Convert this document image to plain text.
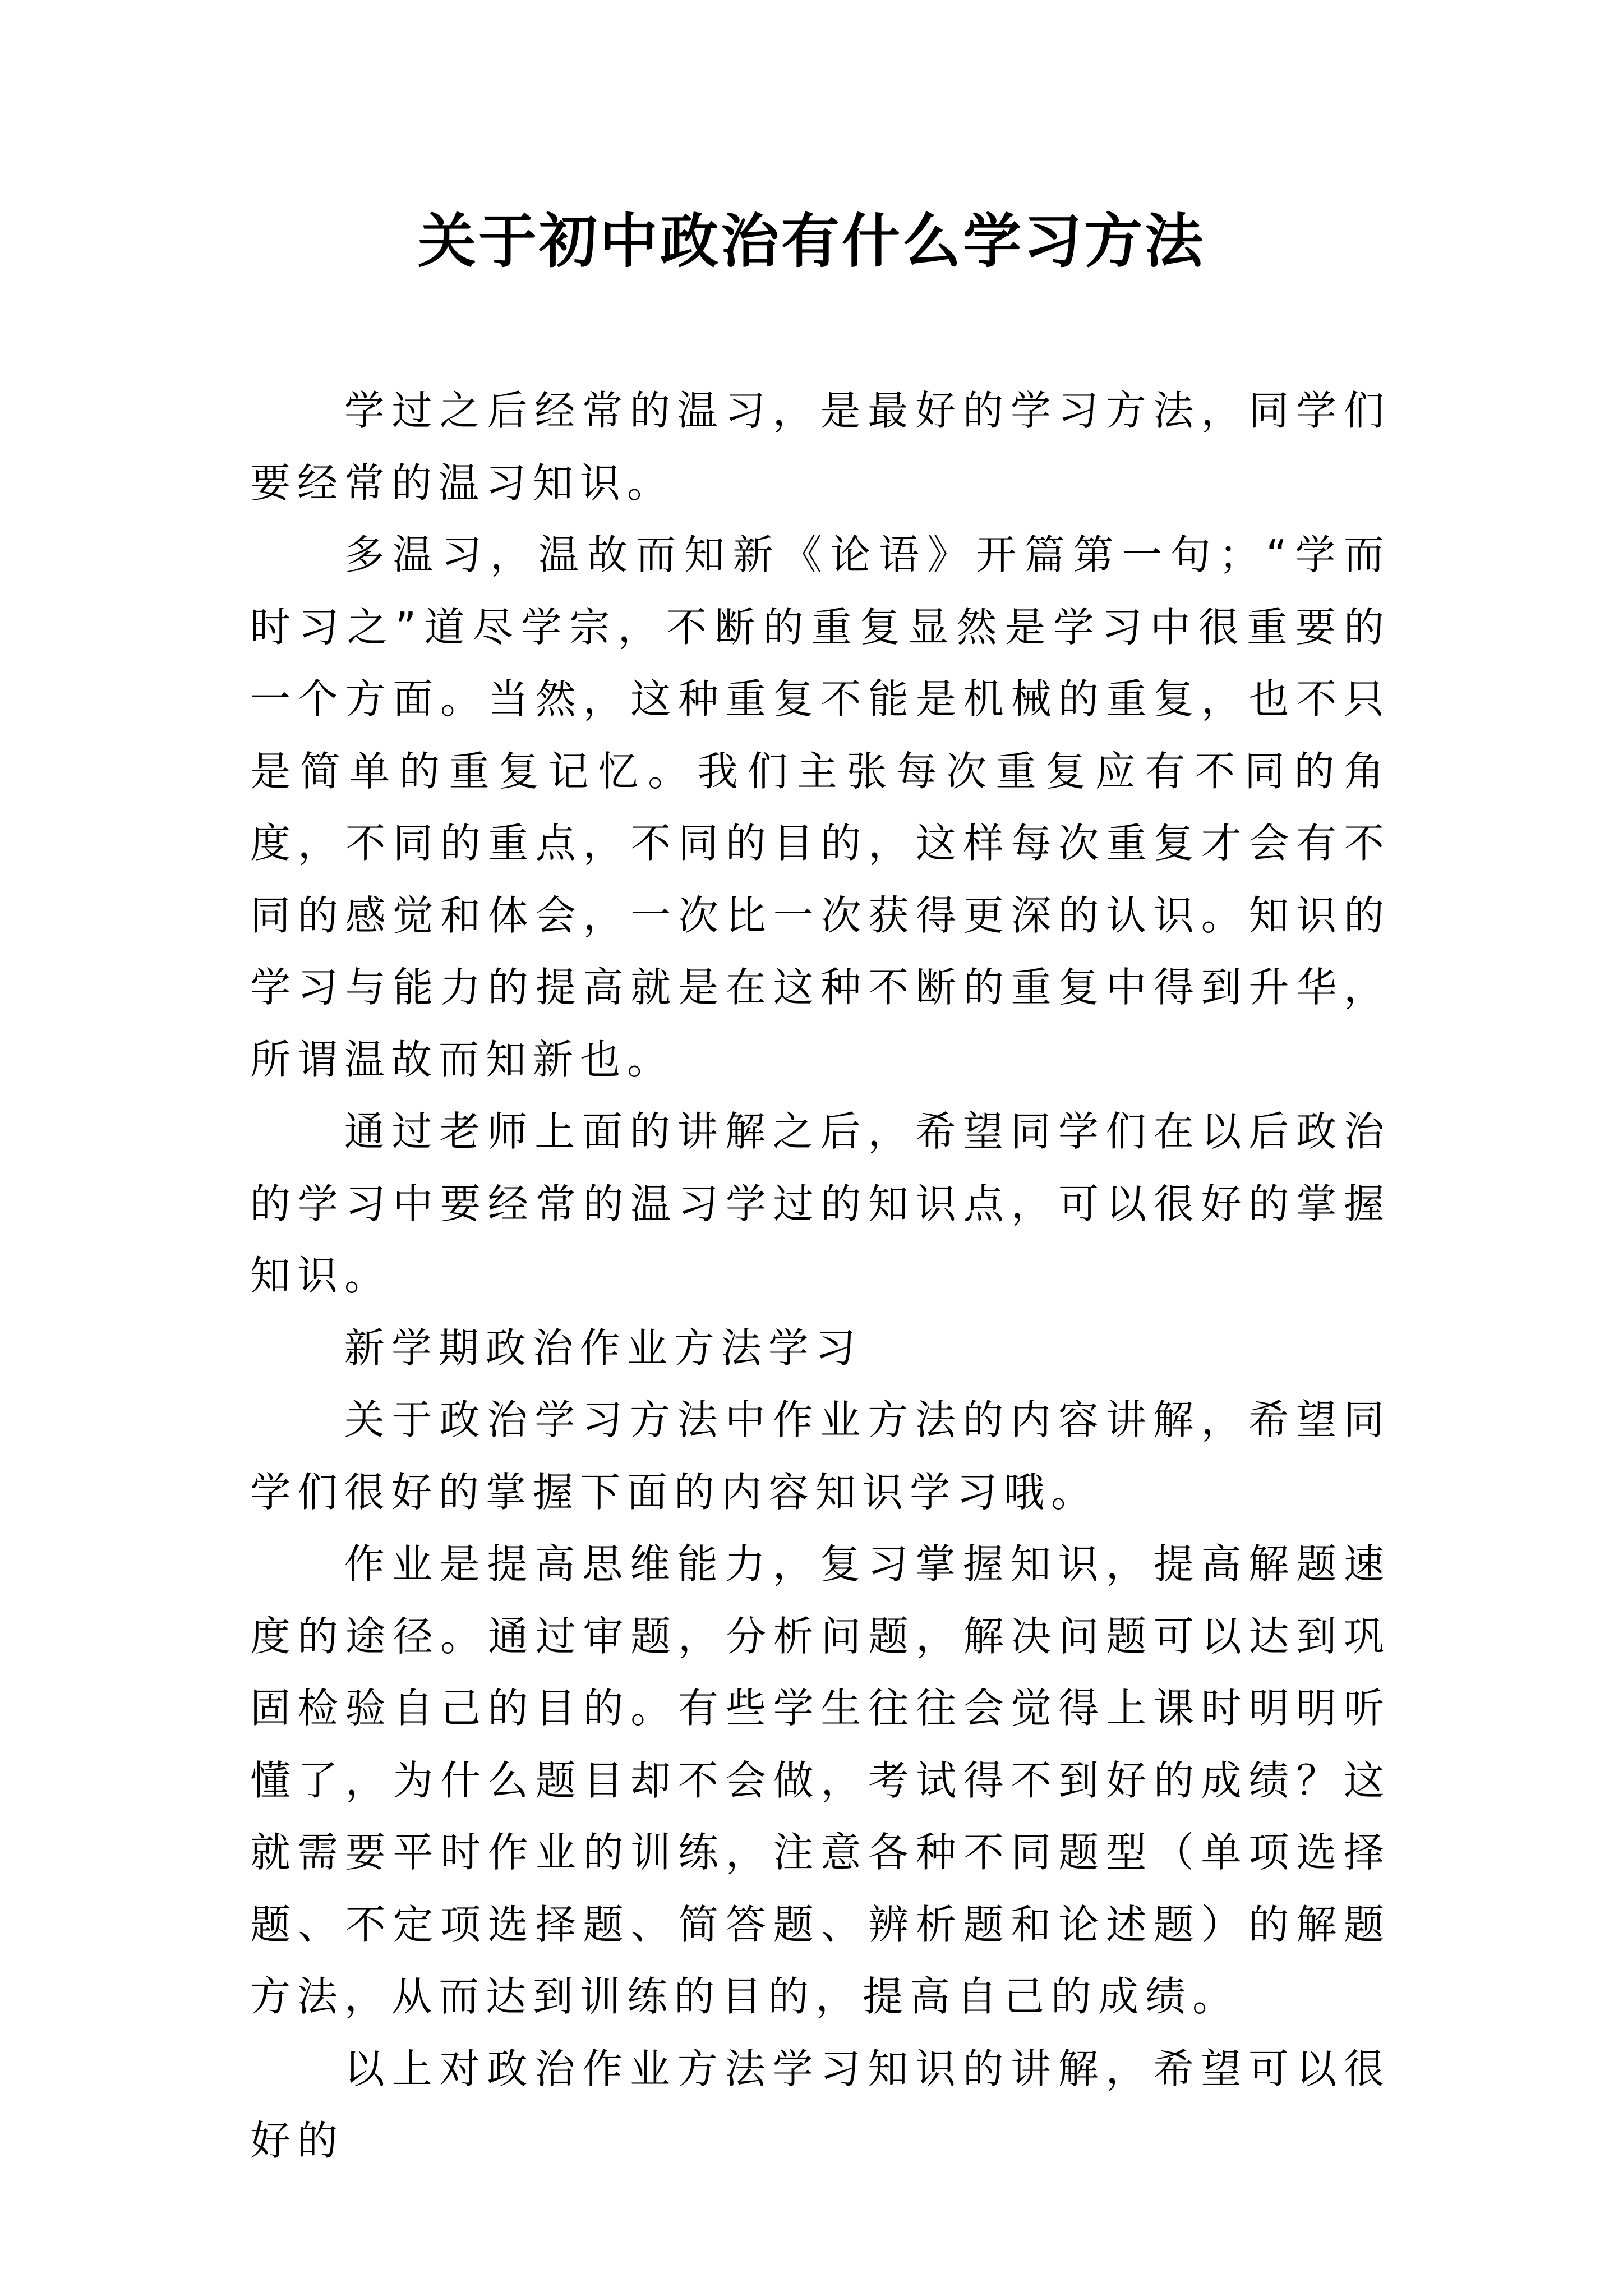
关于初中政治有什么学习方法

学过之后经常的温习，是最好的学习方法，同学们要经常的温习知识。

多温习，温故而知新《论语》开篇第一句；“学而时习之”道尽学宗，不断的重复显然是学习中很重要的一个方面。当然，这种重复不能是机械的重复，也不只是简单的重复记忆。我们主张每次重复应有不同的角度，不同的重点，不同的目的，这样每次重复才会有不同的感觉和体会，一次比一次获得更深的认识。知识的学习与能力的提高就是在这种不断的重复中得到升华，所谓温故而知新也。

通过老师上面的讲解之后，希望同学们在以后政治的学习中要经常的温习学过的知识点，可以很好的掌握知识。

新学期政治作业方法学习

关于政治学习方法中作业方法的内容讲解，希望同学们很好的掌握下面的内容知识学习哦。

作业是提高思维能力，复习掌握知识，提高解题速度的途径。通过审题，分析问题，解决问题可以达到巩固检验自己的目的。有些学生往往会觉得上课时明明听懂了，为什么题目却不会做，考试得不到好的成绩？这就需要平时作业的训练，注意各种不同题型（单项选择题、不定项选择题、简答题、辨析题和论述题）的解题方法，从而达到训练的目的，提高自己的成绩。

以上对政治作业方法学习知识的讲解，希望可以很好的
